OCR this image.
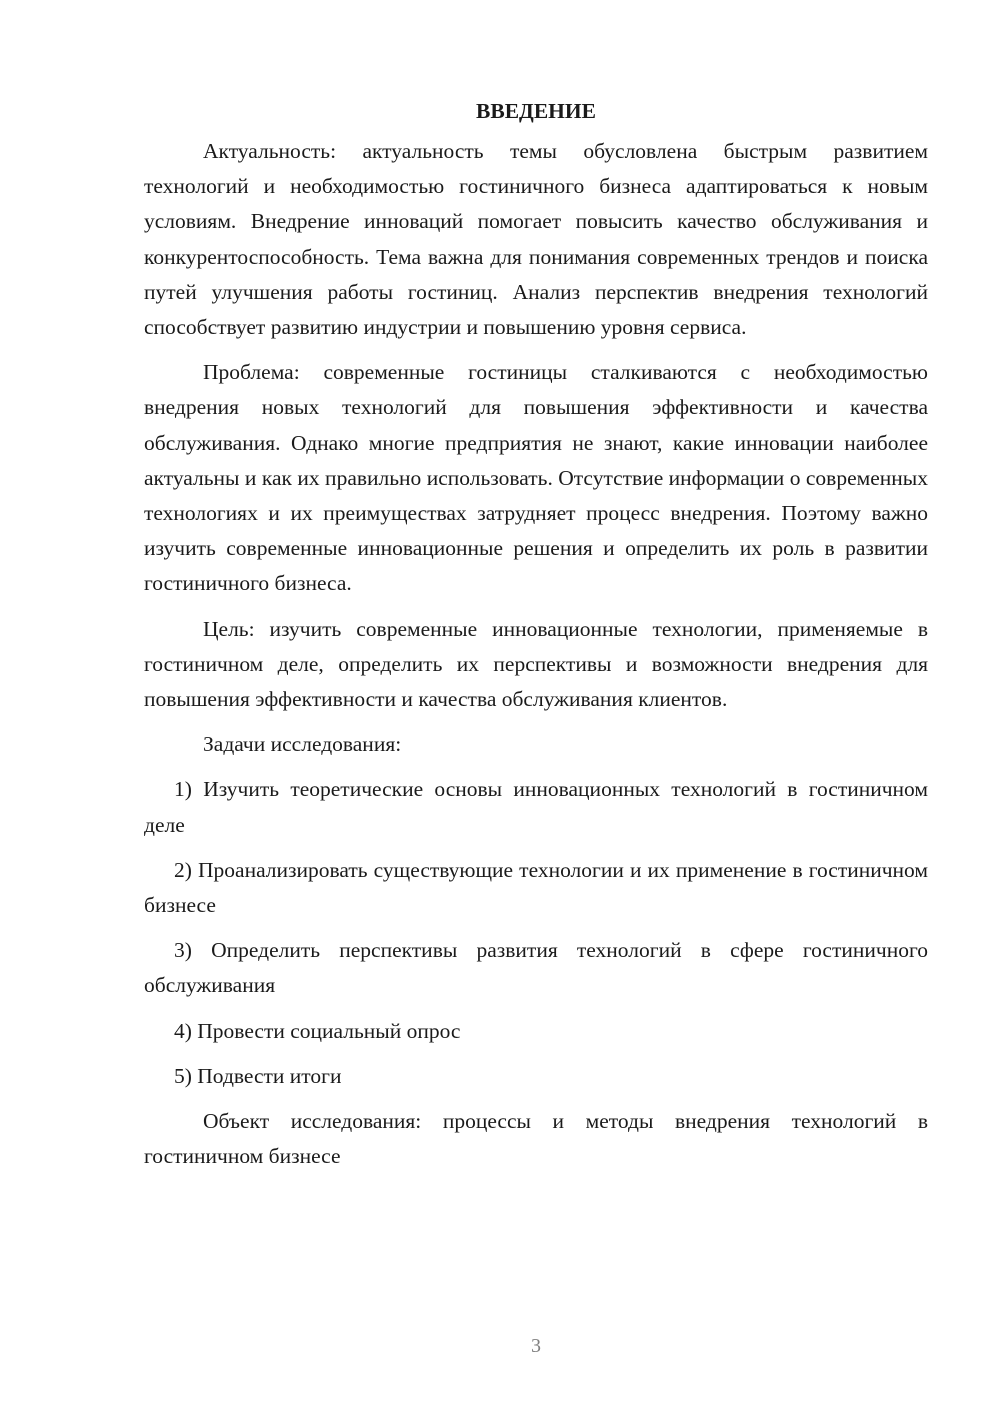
ВВЕДЕНИЕ

Актуальность: актуальность темы обусловлена быстрым развитием технологий и необходимостью гостиничного бизнеса адаптироваться к новым условиям. Внедрение инноваций помогает повысить качество обслуживания и конкурентоспособность. Тема важна для понимания современных трендов и поиска путей улучшения работы гостиниц. Анализ перспектив внедрения технологий способствует развитию индустрии и повышению уровня сервиса.

Проблема: современные гостиницы сталкиваются с необходимостью внедрения новых технологий для повышения эффективности и качества обслуживания. Однако многие предприятия не знают, какие инновации наиболее актуальны и как их правильно использовать. Отсутствие информации о современных технологиях и их преимуществах затрудняет процесс внедрения. Поэтому важно изучить современные инновационные решения и определить их роль в развитии гостиничного бизнеса.

Цель: изучить современные инновационные технологии, применяемые в гостиничном деле, определить их перспективы и возможности внедрения для повышения эффективности и качества обслуживания клиентов.

Задачи исследования:

1) Изучить теоретические основы инновационных технологий в гостиничном деле

2) Проанализировать существующие технологии и их применение в гостиничном бизнесе

3) Определить перспективы развития технологий в сфере гостиничного обслуживания

4) Провести социальный опрос

5) Подвести итоги

Объект исследования: процессы и методы внедрения технологий в гостиничном бизнесе

3
